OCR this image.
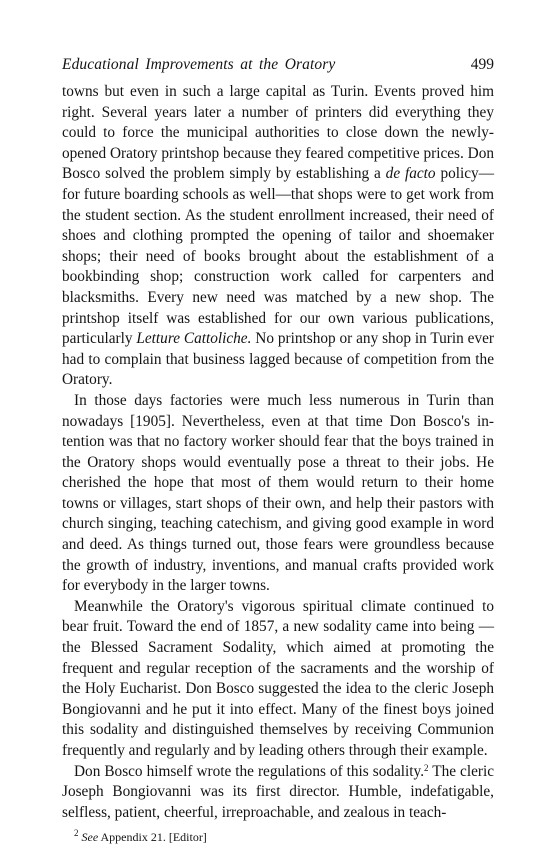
Educational Improvements at the Oratory	499

towns but even in such a large capital as Turin. Events proved him right. Several years later a number of printers did everything they could to force the municipal authorities to close down the newly-opened Oratory printshop because they feared competitive prices. Don Bosco solved the problem simply by establishing a de facto policy—for future boarding schools as well—that shops were to get work from the student section. As the student enrollment increased, their need of shoes and clothing prompted the opening of tailor and shoemaker shops; their need of books brought about the establishment of a bookbinding shop; construction work called for carpenters and blacksmiths. Every new need was matched by a new shop. The printshop itself was established for our own various publications, particularly Letture Cattoliche. No printshop or any shop in Turin ever had to complain that business lagged because of competition from the Oratory.

In those days factories were much less numerous in Turin than nowadays [1905]. Nevertheless, even at that time Don Bosco's intention was that no factory worker should fear that the boys trained in the Oratory shops would eventually pose a threat to their jobs. He cherished the hope that most of them would return to their home towns or villages, start shops of their own, and help their pastors with church singing, teaching catechism, and giving good example in word and deed. As things turned out, those fears were groundless because the growth of industry, inventions, and manual crafts provided work for everybody in the larger towns.

Meanwhile the Oratory's vigorous spiritual climate continued to bear fruit. Toward the end of 1857, a new sodality came into being —the Blessed Sacrament Sodality, which aimed at promoting the frequent and regular reception of the sacraments and the worship of the Holy Eucharist. Don Bosco suggested the idea to the cleric Joseph Bongiovanni and he put it into effect. Many of the finest boys joined this sodality and distinguished themselves by receiving Communion frequently and regularly and by leading others through their example.

Don Bosco himself wrote the regulations of this sodality.$^2$ The cleric Joseph Bongiovanni was its first director. Humble, indefatigable, selfless, patient, cheerful, irreproachable, and zealous in teach-

$^2$ See Appendix 21. [Editor]
